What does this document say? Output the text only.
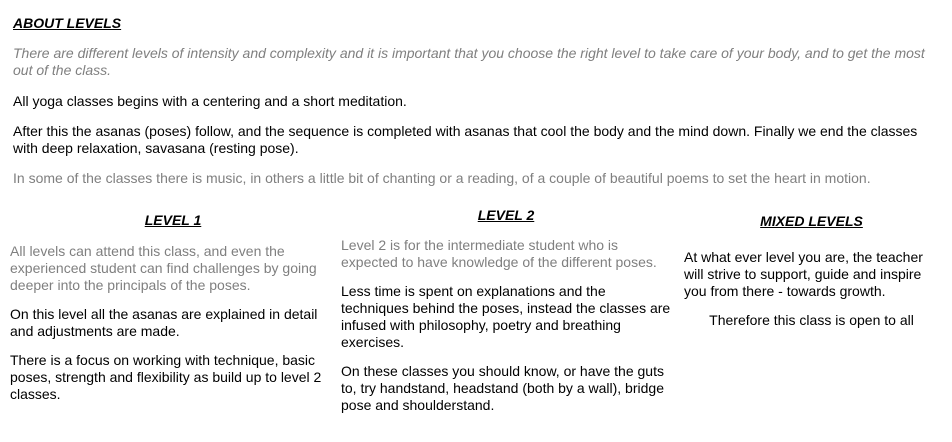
ABOUT LEVELS

There are different levels of intensity and complexity and it is important that you choose the right level to take care of your body, and to get the most out of the class.

All yoga classes begins with a centering and a short meditation.

After this the asanas (poses) follow, and the sequence is completed with asanas that cool the body and the mind down. Finally we end the classes with deep relaxation, savasana (resting pose).

In some of the classes there is music, in others a little bit of chanting or a reading, of a couple of beautiful poems to set the heart in motion.

LEVEL 1

All levels can attend this class, and even the experienced student can find challenges by going deeper into the principals of the poses.

On this level all the asanas are explained in detail and adjustments are made.

There is a focus on working with technique, basic poses, strength and flexibility as build up to level 2 classes.

LEVEL 2

Level 2 is for the intermediate student who is expected to have knowledge of the different poses.

Less time is spent on explanations and the techniques behind the poses, instead the classes are infused with philosophy, poetry and breathing exercises.

On these classes you should know, or have the guts to, try handstand, headstand (both by a wall), bridge pose and shoulderstand.

MIXED LEVELS

At what ever level you are, the teacher will strive to support, guide and inspire you from there - towards growth.

Therefore this class is open to all
